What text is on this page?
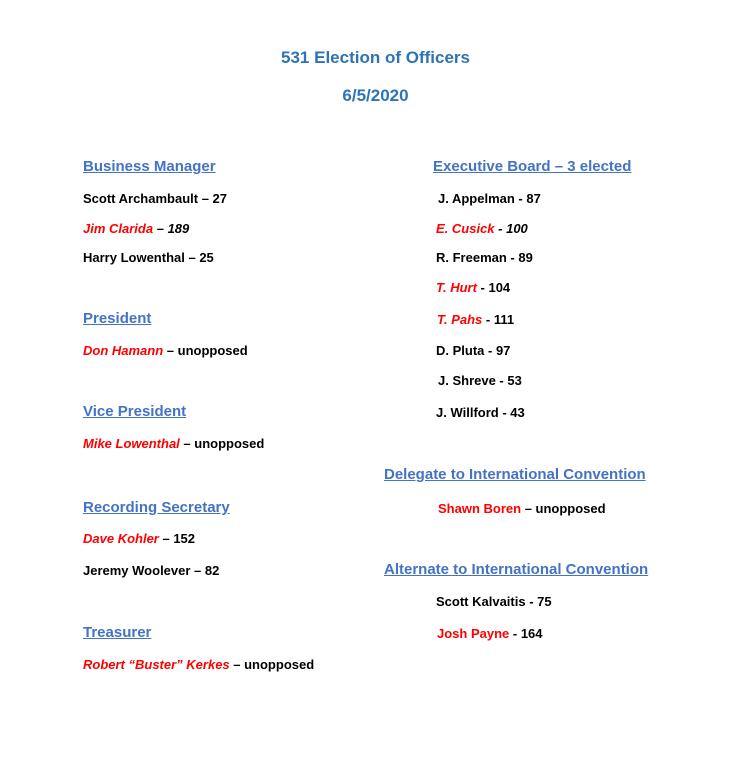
531 Election of Officers
6/5/2020
Business Manager
Scott Archambault – 27
Jim Clarida – 189
Harry Lowenthal – 25
President
Don Hamann – unopposed
Vice President
Mike Lowenthal – unopposed
Recording Secretary
Dave Kohler – 152
Jeremy Woolever – 82
Treasurer
Robert “Buster” Kerkes – unopposed
Executive Board – 3 elected
J. Appelman - 87
E. Cusick - 100
R. Freeman - 89
T. Hurt - 104
T. Pahs - 111
D. Pluta - 97
J. Shreve - 53
J. Willford - 43
Delegate to International Convention
Shawn Boren – unopposed
Alternate to International Convention
Scott Kalvaitis - 75
Josh Payne - 164
